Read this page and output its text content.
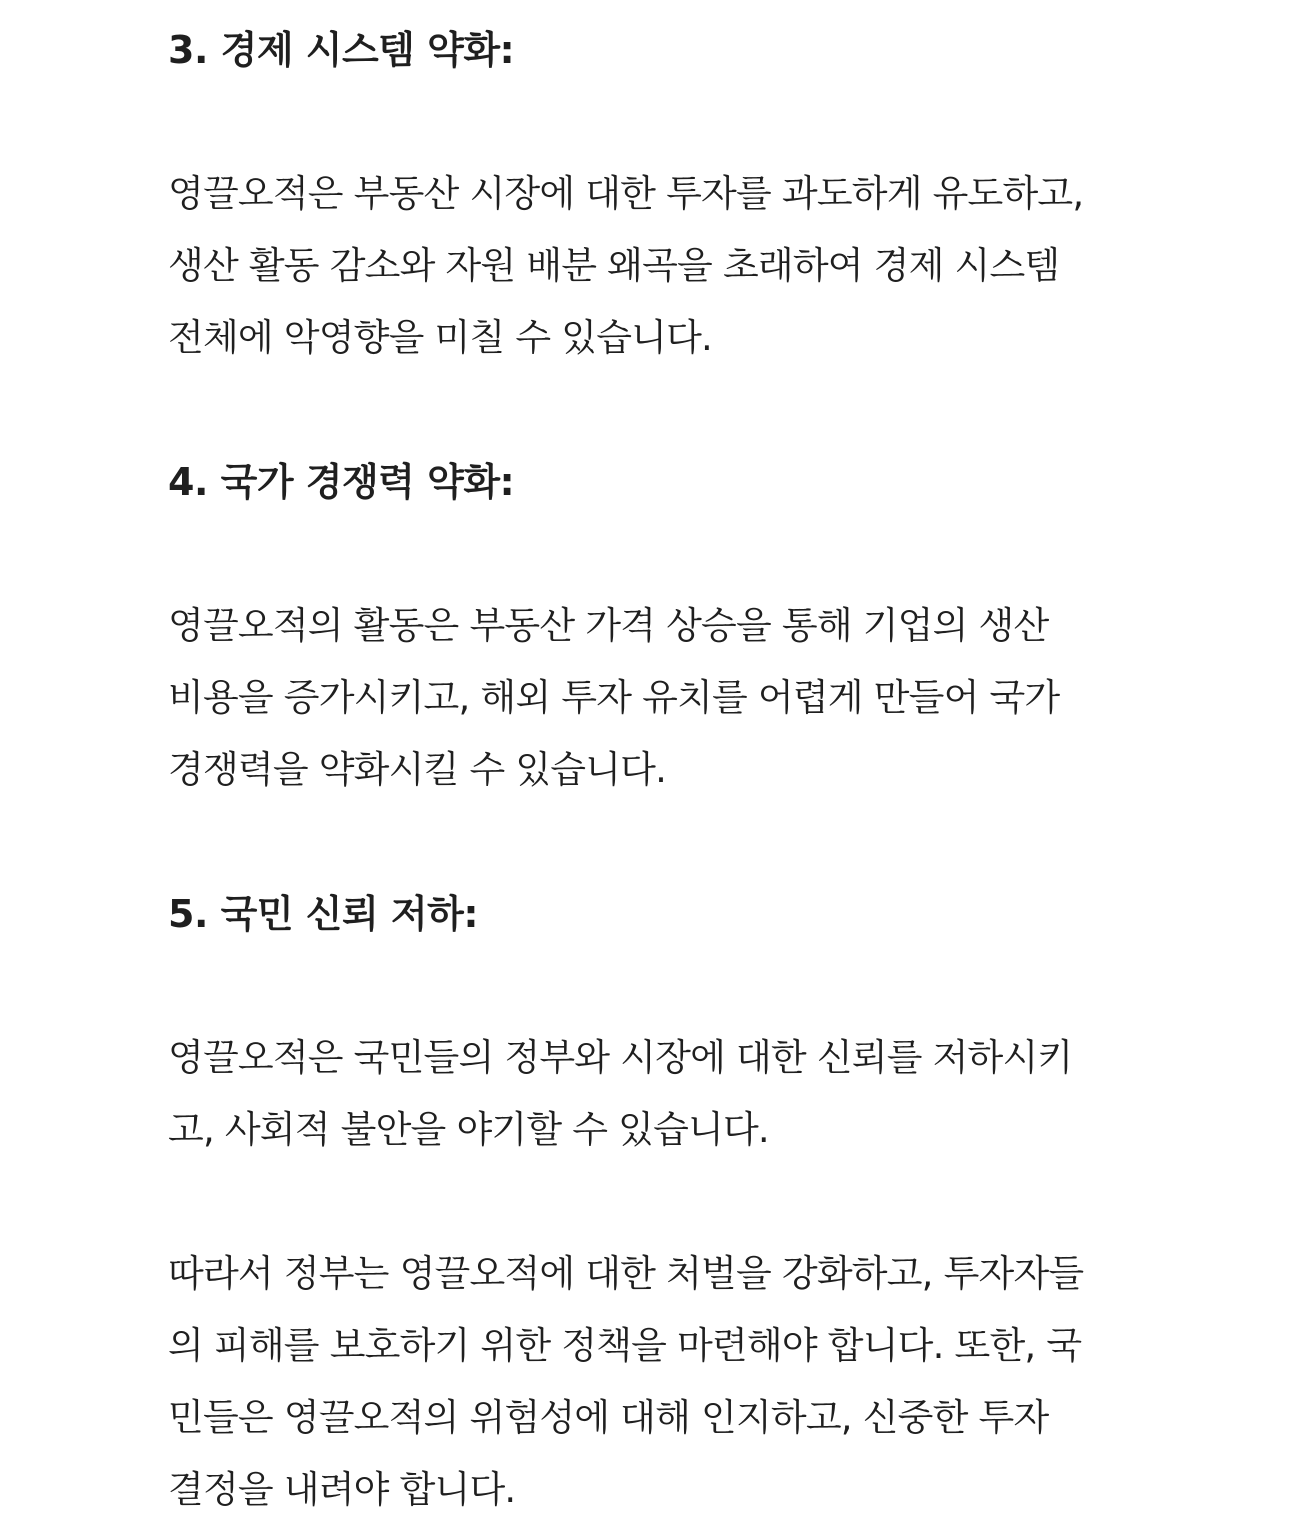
3. 경제 시스템 약화:
영끌오적은 부동산 시장에 대한 투자를 과도하게 유도하고,
생산 활동 감소와 자원 배분 왜곡을 초래하여 경제 시스템
전체에 악영향을 미칠 수 있습니다.
4. 국가 경쟁력 약화:
영끌오적의 활동은 부동산 가격 상승을 통해 기업의 생산
비용을 증가시키고, 해외 투자 유치를 어렵게 만들어 국가
경쟁력을 약화시킬 수 있습니다.
5. 국민 신뢰 저하:
영끌오적은 국민들의 정부와 시장에 대한 신뢰를 저하시키
고, 사회적 불안을 야기할 수 있습니다.
따라서 정부는 영끌오적에 대한 처벌을 강화하고, 투자자들
의 피해를 보호하기 위한 정책을 마련해야 합니다. 또한, 국
민들은 영끌오적의 위험성에 대해 인지하고, 신중한 투자
결정을 내려야 합니다.
